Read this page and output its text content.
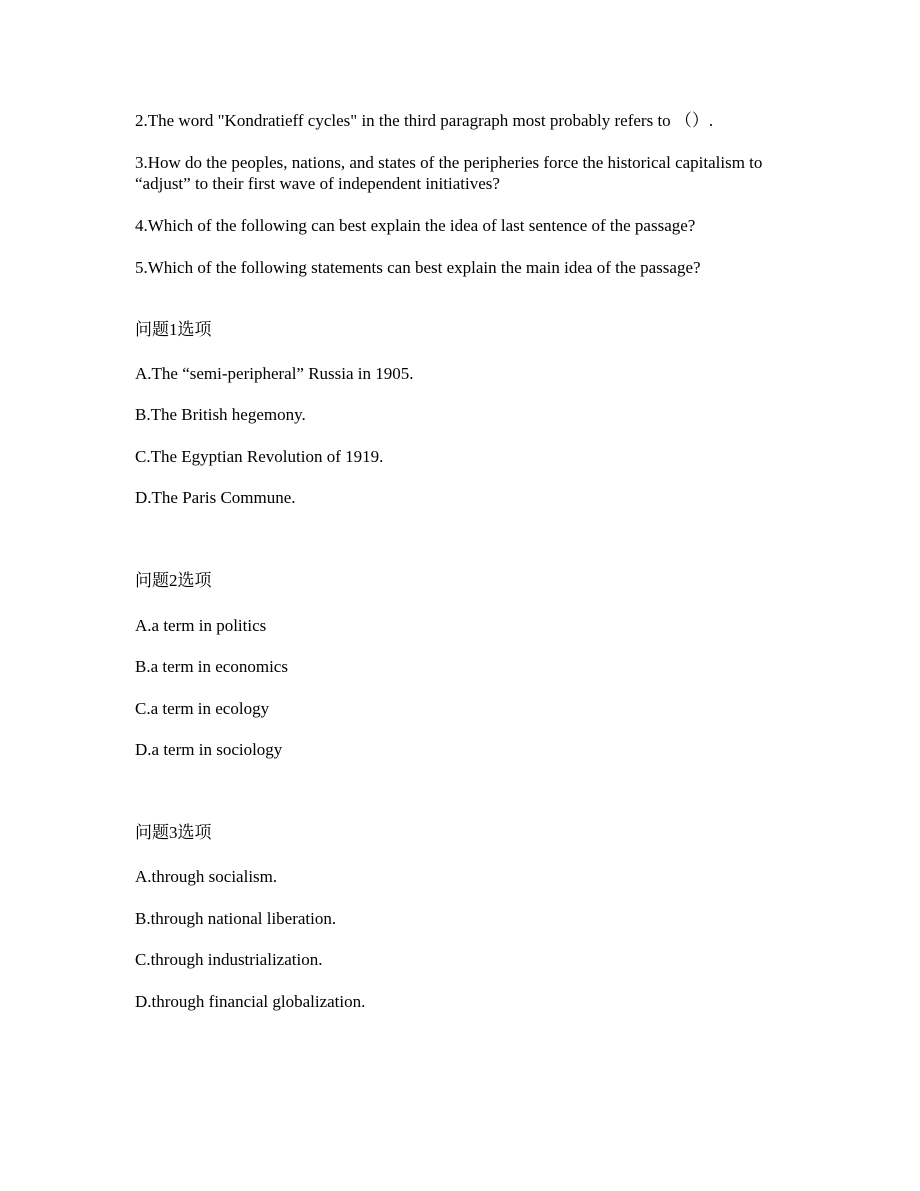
2.The word "Kondratieff cycles" in the third paragraph most probably refers to （）.
3.How do the peoples, nations, and states of the peripheries force the historical capitalism to “adjust” to their first wave of independent initiatives?
4.Which of the following can best explain the idea of last sentence of the passage?
5.Which of the following statements can best explain the main idea of the passage?
问题1选项
A.The “semi-peripheral” Russia in 1905.
B.The British hegemony.
C.The Egyptian Revolution of 1919.
D.The Paris Commune.
问题2选项
A.a term in politics
B.a term in economics
C.a term in ecology
D.a term in sociology
问题3选项
A.through socialism.
B.through national liberation.
C.through industrialization.
D.through financial globalization.
